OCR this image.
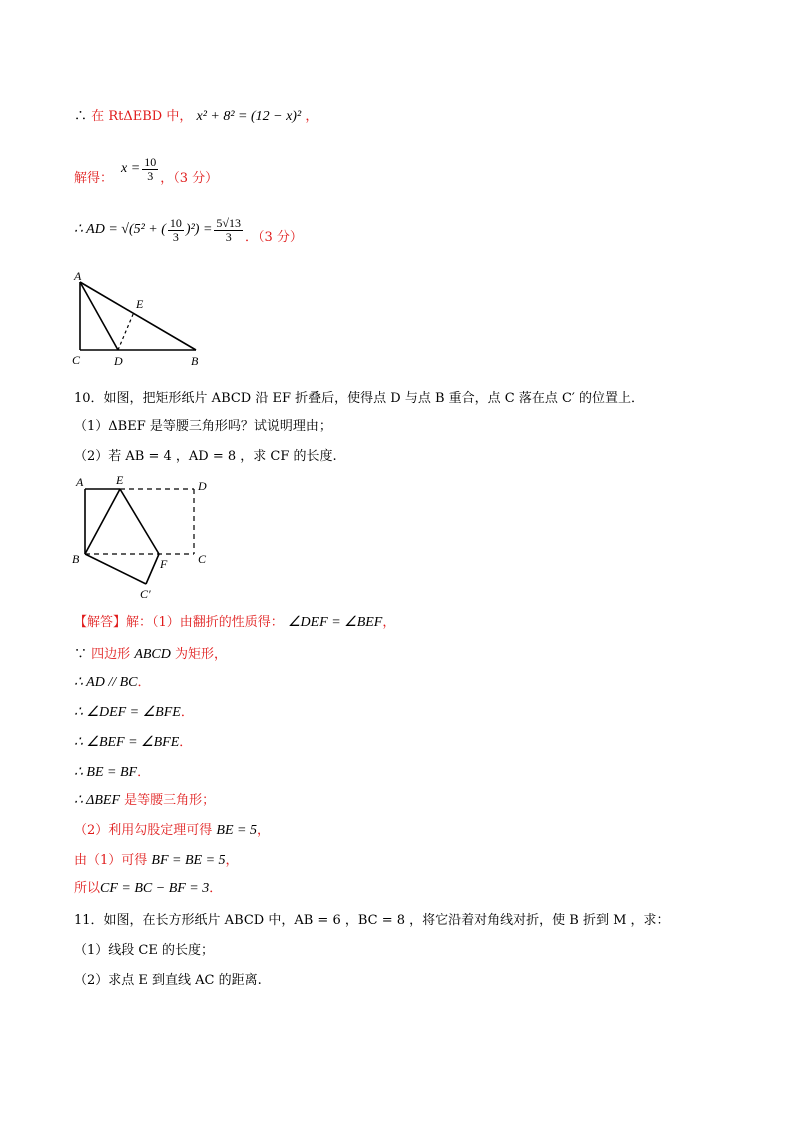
∴ 在 RtΔEBD 中， x² + 8² = (12 − x)² ，
解得：
$x = \frac{10}{3}$ ，（3 分）
∴ AD = √(5² + ( $\frac{10}{3} )^2) = \frac{5√13}{3}$ ．（3 分）
A
E
C	D	B
10．如图，把矩形纸片 ABCD 沿 EF 折叠后，使得点 D 与点 B 重合，点 C 落在点 C′ 的位置上．
（1）ΔBEF 是等腰三角形吗？试说明理由；
（2）若 AB = 4 ，AD = 8 ，求 CF 的长度.
A	E	D
B	F	C
C′
【解答】解：（1）由翻折的性质得： ∠DEF = ∠BEF，
∵ 四边形 ABCD 为矩形，
∴ AD // BC．
∴ ∠DEF = ∠BFE．
∴ ∠BEF = ∠BFE．
∴ BE = BF．
∴ ΔBEF 是等腰三角形；
（2）利用勾股定理可得 BE = 5，
由（1）可得 BF = BE = 5，
所以CF = BC − BF = 3．
11．如图，在长方形纸片 ABCD 中，AB = 6 ，BC = 8 ，将它沿着对角线对折，使 B 折到 M ，求：
（1）线段 CE 的长度；
（2）求点 E 到直线 AC 的距离.
